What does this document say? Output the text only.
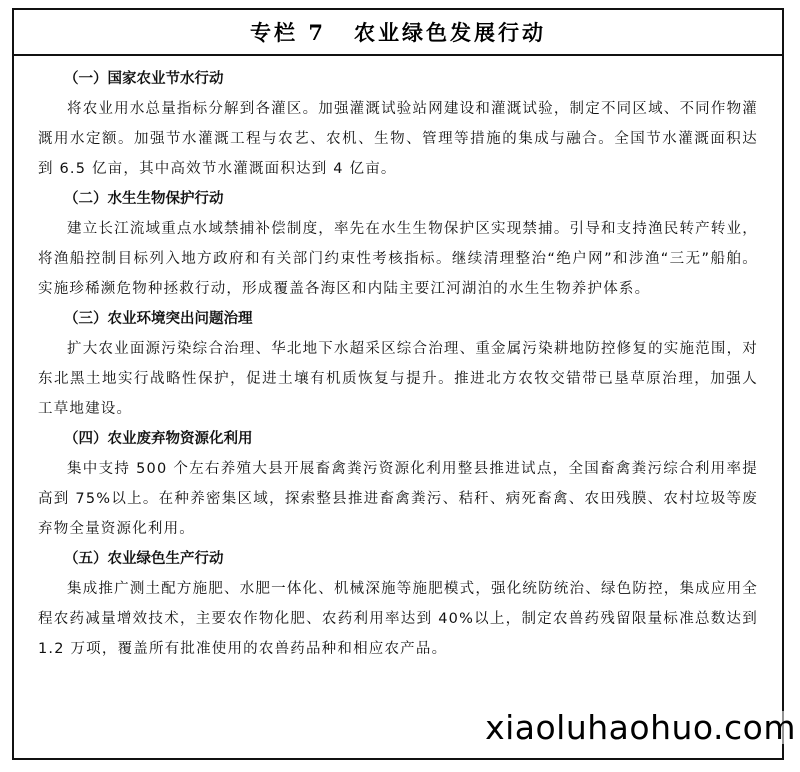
专栏 7 农业绿色发展行动
（一）国家农业节水行动

将农业用水总量指标分解到各灌区。加强灌溉试验站网建设和灌溉试验，制定不同区域、不同作物灌溉用水定额。加强节水灌溉工程与农艺、农机、生物、管理等措施的集成与融合。全国节水灌溉面积达到 6.5 亿亩，其中高效节水灌溉面积达到 4 亿亩。

（二）水生生物保护行动

建立长江流域重点水域禁捕补偿制度，率先在水生生物保护区实现禁捕。引导和支持渔民转产转业，将渔船控制目标列入地方政府和有关部门约束性考核指标。继续清理整治“绝户网”和涉渔“三无”船舶。实施珍稀濒危物种拯救行动，形成覆盖各海区和内陆主要江河湖泊的水生生物养护体系。

（三）农业环境突出问题治理

扩大农业面源污染综合治理、华北地下水超采区综合治理、重金属污染耕地防控修复的实施范围，对东北黑土地实行战略性保护，促进土壤有机质恢复与提升。推进北方农牧交错带已垦草原治理，加强人工草地建设。

（四）农业废弃物资源化利用

集中支持 500 个左右养殖大县开展畜禽粪污资源化利用整县推进试点，全国畜禽粪污综合利用率提高到 75%以上。在种养密集区域，探索整县推进畜禽粪污、秸秆、病死畜禽、农田残膜、农村垃圾等废弃物全量资源化利用。

（五）农业绿色生产行动

集成推广测土配方施肥、水肥一体化、机械深施等施肥模式，强化统防统治、绿色防控，集成应用全程农药减量增效技术，主要农作物化肥、农药利用率达到 40%以上，制定农兽药残留限量标准总数达到 1.2 万项，覆盖所有批准使用的农兽药品种和相应农产品。

xiaoluhaohuo.com
